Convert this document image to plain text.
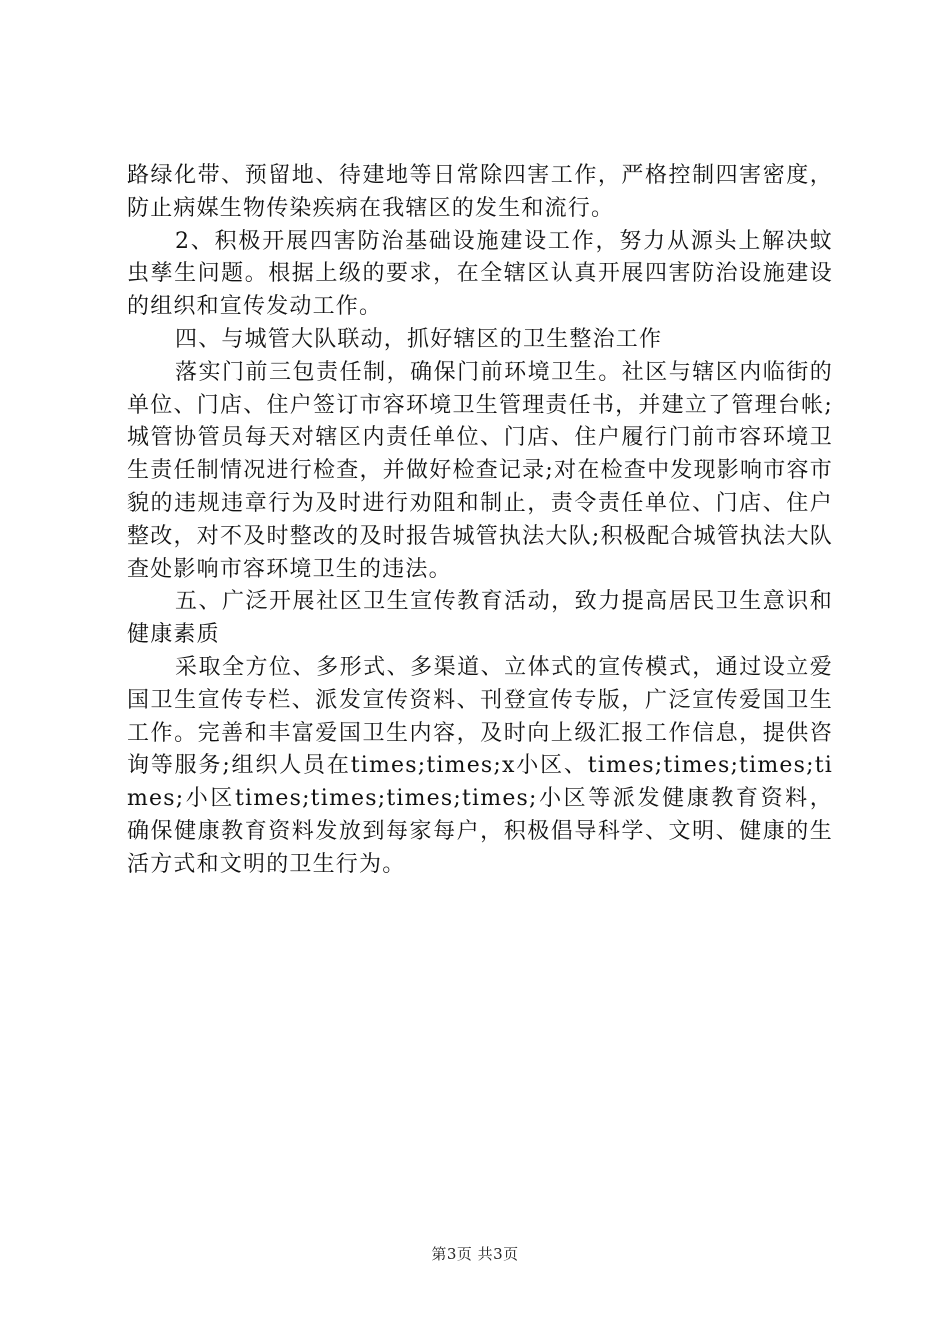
路绿化带、预留地、待建地等日常除四害工作，严格控制四害密度，防止病媒生物传染疾病在我辖区的发生和流行。

2、积极开展四害防治基础设施建设工作，努力从源头上解决蚊虫孳生问题。根据上级的要求，在全辖区认真开展四害防治设施建设的组织和宣传发动工作。

四、与城管大队联动，抓好辖区的卫生整治工作

落实门前三包责任制，确保门前环境卫生。社区与辖区内临街的单位、门店、住户签订市容环境卫生管理责任书，并建立了管理台帐;城管协管员每天对辖区内责任单位、门店、住户履行门前市容环境卫生责任制情况进行检查，并做好检查记录;对在检查中发现影响市容市貌的违规违章行为及时进行劝阻和制止，责令责任单位、门店、住户整改，对不及时整改的及时报告城管执法大队;积极配合城管执法大队查处影响市容环境卫生的违法。

五、广泛开展社区卫生宣传教育活动，致力提高居民卫生意识和健康素质

采取全方位、多形式、多渠道、立体式的宣传模式，通过设立爱国卫生宣传专栏、派发宣传资料、刊登宣传专版，广泛宣传爱国卫生工作。完善和丰富爱国卫生内容，及时向上级汇报工作信息，提供咨询等服务;组织人员在times;times;x小区、times;times;times;times;小区times;times;times;times;小区等派发健康教育资料，确保健康教育资料发放到每家每户，积极倡导科学、文明、健康的生活方式和文明的卫生行为。

第3页 共3页
